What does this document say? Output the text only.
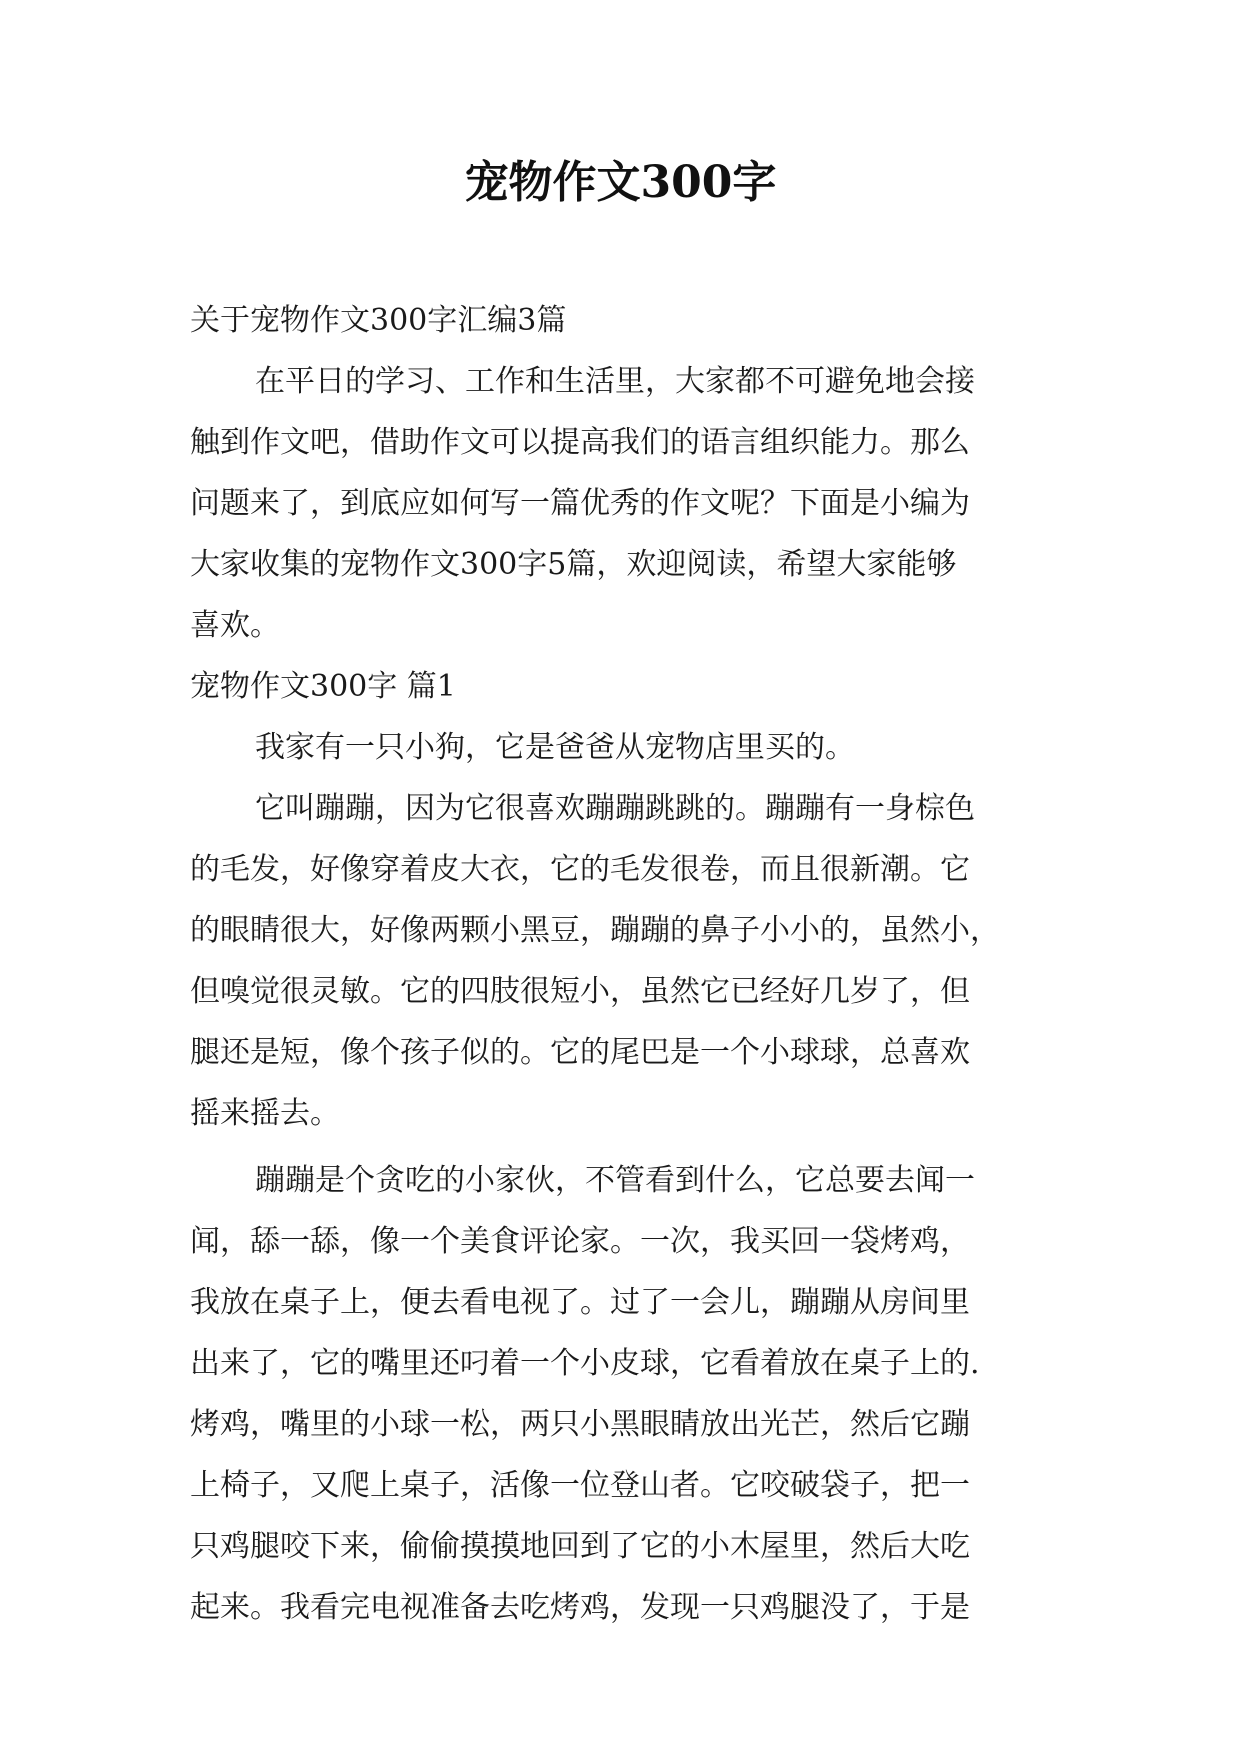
宠物作文300字
关于宠物作文300字汇编3篇
在平日的学习、工作和生活里，大家都不可避免地会接
触到作文吧，借助作文可以提高我们的语言组织能力。那么
问题来了，到底应如何写一篇优秀的作文呢？下面是小编为
大家收集的宠物作文300字5篇，欢迎阅读，希望大家能够
喜欢。
宠物作文300字 篇1
我家有一只小狗，它是爸爸从宠物店里买的。
它叫蹦蹦，因为它很喜欢蹦蹦跳跳的。蹦蹦有一身棕色
的毛发，好像穿着皮大衣，它的毛发很卷，而且很新潮。它
的眼睛很大，好像两颗小黑豆，蹦蹦的鼻子小小的，虽然小，
但嗅觉很灵敏。它的四肢很短小，虽然它已经好几岁了，但
腿还是短，像个孩子似的。它的尾巴是一个小球球，总喜欢
摇来摇去。
蹦蹦是个贪吃的小家伙，不管看到什么，它总要去闻一
闻，舔一舔，像一个美食评论家。一次，我买回一袋烤鸡，
我放在桌子上，便去看电视了。过了一会儿，蹦蹦从房间里
出来了，它的嘴里还叼着一个小皮球，它看着放在桌子上的.
烤鸡，嘴里的小球一松，两只小黑眼睛放出光芒，然后它蹦
上椅子，又爬上桌子，活像一位登山者。它咬破袋子，把一
只鸡腿咬下来，偷偷摸摸地回到了它的小木屋里，然后大吃
起来。我看完电视准备去吃烤鸡，发现一只鸡腿没了，于是
